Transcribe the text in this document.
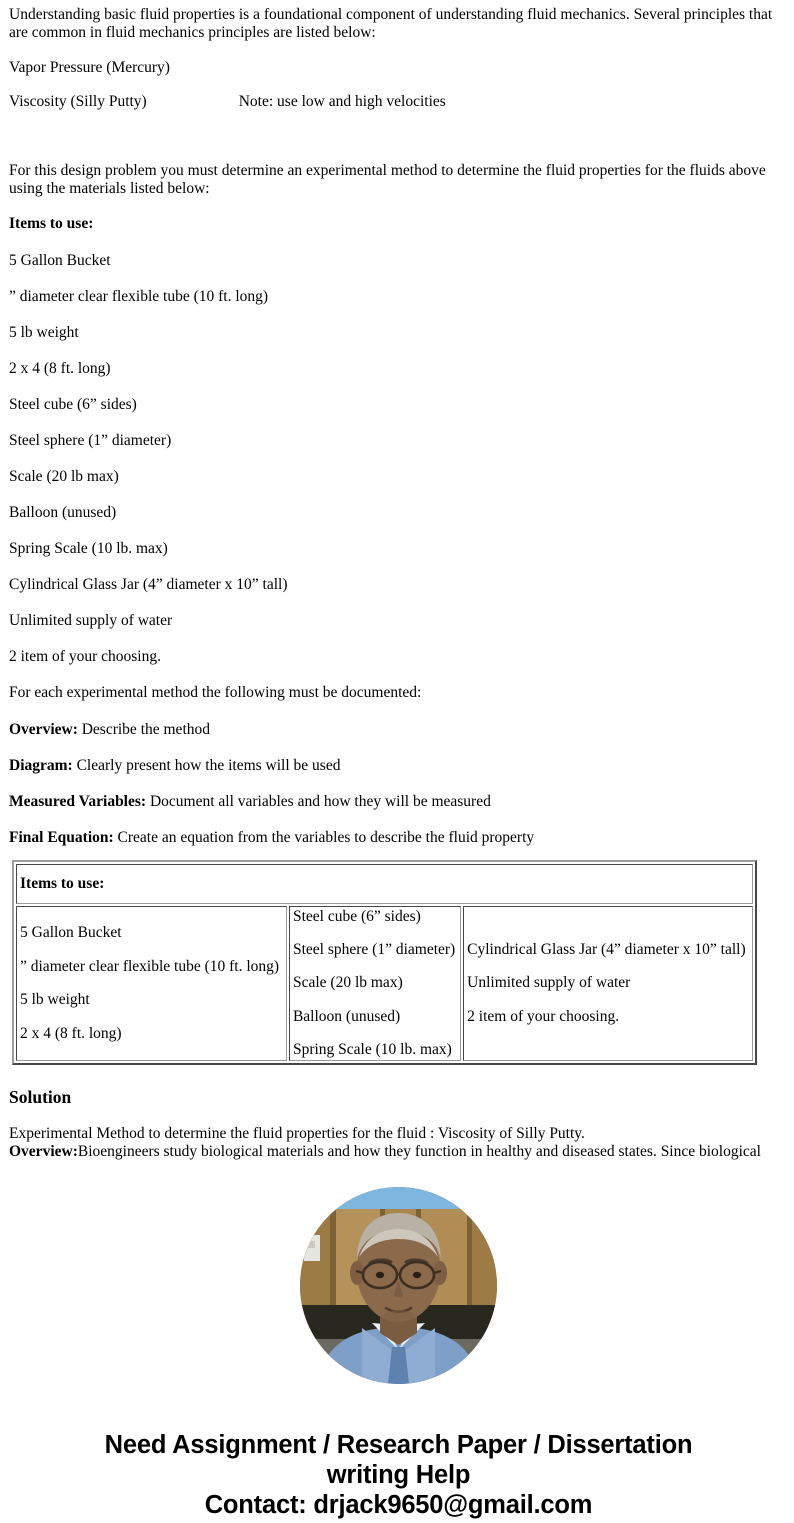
Understanding basic fluid properties is a foundational component of understanding fluid mechanics. Several principles that are common in fluid mechanics principles are listed below:

Vapor Pressure (Mercury)

Viscosity (Silly Putty)	Note: use low and high velocities

For this design problem you must determine an experimental method to determine the fluid properties for the fluids above using the materials listed below:

Items to use:

5 Gallon Bucket

” diameter clear flexible tube (10 ft. long)

5 lb weight

2 x 4 (8 ft. long)

Steel cube (6” sides)

Steel sphere (1” diameter)

Scale (20 lb max)

Balloon (unused)

Spring Scale (10 lb. max)

Cylindrical Glass Jar (4” diameter x 10” tall)

Unlimited supply of water

2 item of your choosing.

For each experimental method the following must be documented:

Overview: Describe the method

Diagram: Clearly present how the items will be used

Measured Variables: Document all variables and how they will be measured

Final Equation: Create an equation from the variables to describe the fluid property

Items to use:

5 Gallon Bucket
” diameter clear flexible tube (10 ft. long)
5 lb weight
2 x 4 (8 ft. long)

Steel cube (6” sides)
Steel sphere (1” diameter)
Scale (20 lb max)
Balloon (unused)
Spring Scale (10 lb. max)

Cylindrical Glass Jar (4” diameter x 10” tall)
Unlimited supply of water
2 item of your choosing.
Solution

Experimental Method to determine the fluid properties for the fluid : Viscosity of Silly Putty.

Overview:Bioengineers study biological materials and how they function in healthy and diseased states. Since biological

Need Assignment / Research Paper / Dissertation
writing Help
Contact: drjack9650@gmail.com
